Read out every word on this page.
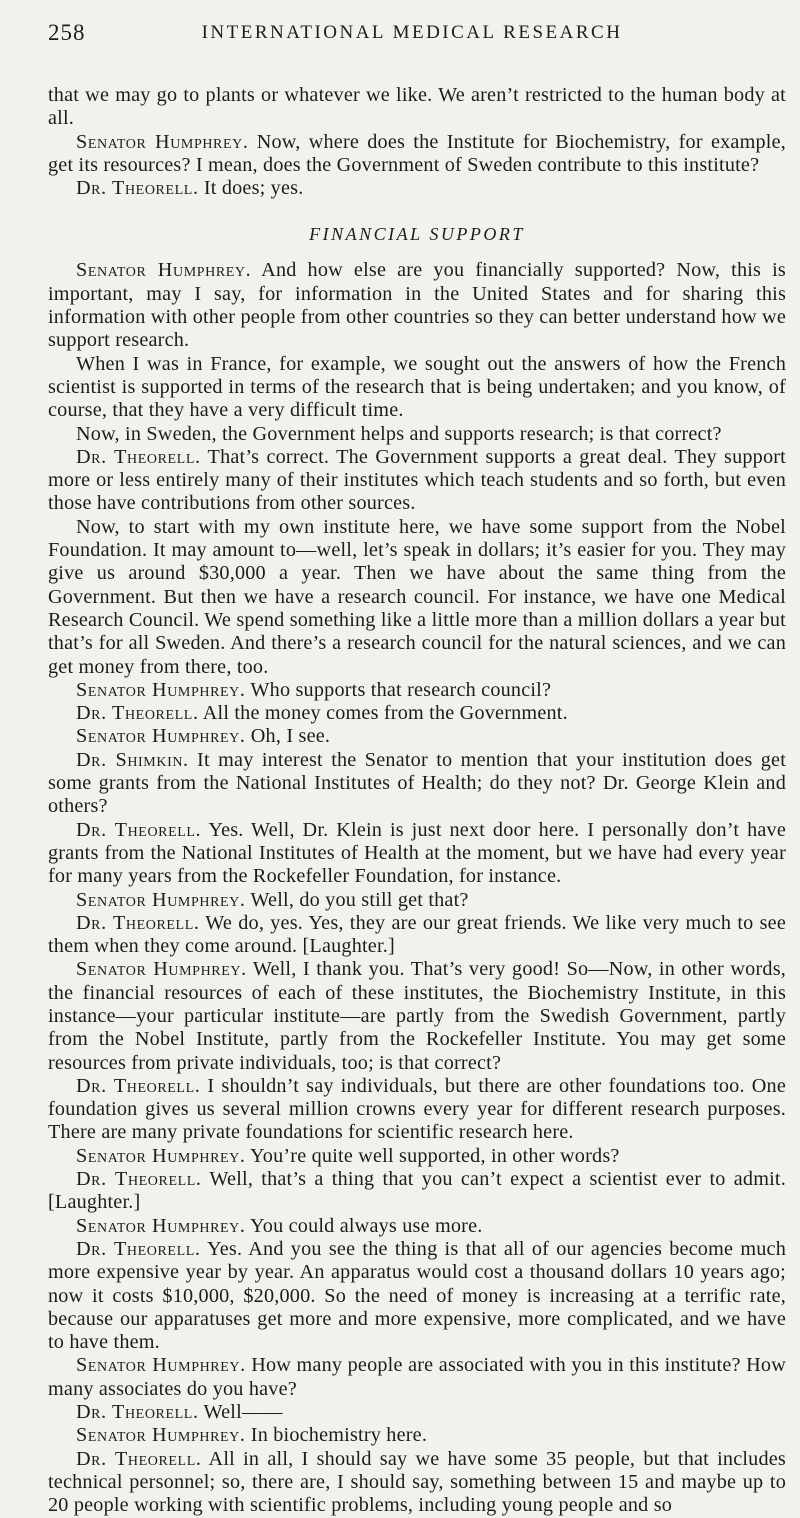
258	INTERNATIONAL MEDICAL RESEARCH

that we may go to plants or whatever we like. We aren’t restricted to the human body at all.

Senator Humphrey. Now, where does the Institute for Biochemistry, for example, get its resources? I mean, does the Government of Sweden contribute to this institute?

Dr. Theorell. It does; yes.

FINANCIAL SUPPORT

Senator Humphrey. And how else are you financially supported? Now, this is important, may I say, for information in the United States and for sharing this information with other people from other countries so they can better understand how we support research.

When I was in France, for example, we sought out the answers of how the French scientist is supported in terms of the research that is being undertaken; and you know, of course, that they have a very difficult time.

Now, in Sweden, the Government helps and supports research; is that correct?

Dr. Theorell. That’s correct. The Government supports a great deal. They support more or less entirely many of their institutes which teach students and so forth, but even those have contributions from other sources.

Now, to start with my own institute here, we have some support from the Nobel Foundation. It may amount to—well, let’s speak in dollars; it’s easier for you. They may give us around $30,000 a year. Then we have about the same thing from the Government. But then we have a research council. For instance, we have one Medical Research Council. We spend something like a little more than a million dollars a year but that’s for all Sweden. And there’s a research council for the natural sciences, and we can get money from there, too.

Senator Humphrey. Who supports that research council?

Dr. Theorell. All the money comes from the Government.

Senator Humphrey. Oh, I see.

Dr. Shimkin. It may interest the Senator to mention that your institution does get some grants from the National Institutes of Health; do they not? Dr. George Klein and others?

Dr. Theorell. Yes. Well, Dr. Klein is just next door here. I personally don’t have grants from the National Institutes of Health at the moment, but we have had every year for many years from the Rockefeller Foundation, for instance.

Senator Humphrey. Well, do you still get that?

Dr. Theorell. We do, yes. Yes, they are our great friends. We like very much to see them when they come around. [Laughter.]

Senator Humphrey. Well, I thank you. That’s very good! So—Now, in other words, the financial resources of each of these institutes, the Biochemistry Institute, in this instance—your particular institute—are partly from the Swedish Government, partly from the Nobel Institute, partly from the Rockefeller Institute. You may get some resources from private individuals, too; is that correct?

Dr. Theorell. I shouldn’t say individuals, but there are other foundations too. One foundation gives us several million crowns every year for different research purposes. There are many private foundations for scientific research here.

Senator Humphrey. You’re quite well supported, in other words?

Dr. Theorell. Well, that’s a thing that you can’t expect a scientist ever to admit. [Laughter.]

Senator Humphrey. You could always use more.

Dr. Theorell. Yes. And you see the thing is that all of our agencies become much more expensive year by year. An apparatus would cost a thousand dollars 10 years ago; now it costs $10,000, $20,000. So the need of money is increasing at a terrific rate, because our apparatuses get more and more expensive, more complicated, and we have to have them.

Senator Humphrey. How many people are associated with you in this institute? How many associates do you have?

Dr. Theorell. Well——

Senator Humphrey. In biochemistry here.

Dr. Theorell. All in all, I should say we have some 35 people, but that includes technical personnel; so, there are, I should say, something between 15 and maybe up to 20 people working with scientific problems, including young people and so
